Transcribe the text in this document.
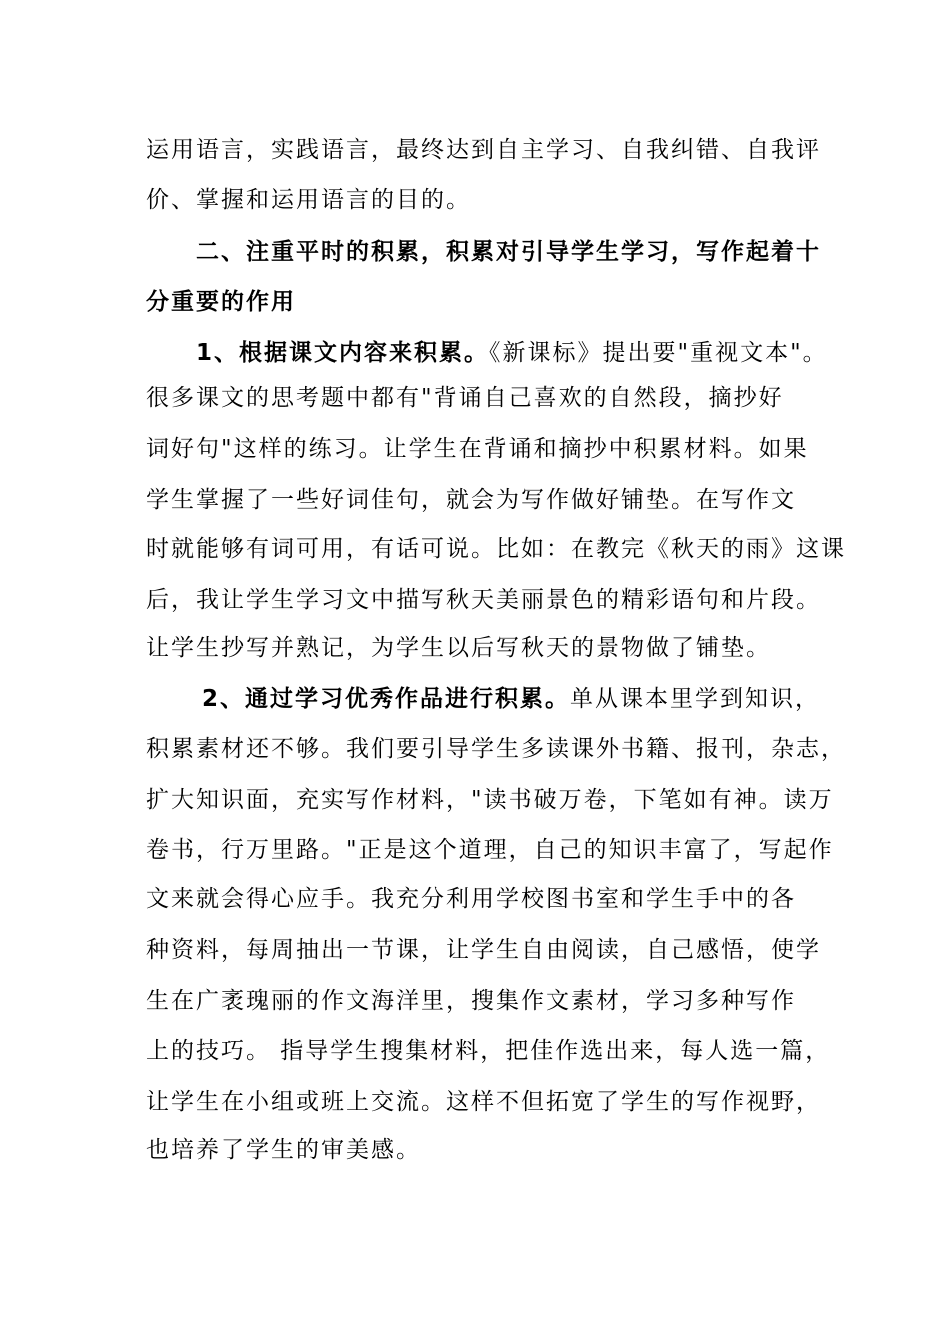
运用语言，实践语言，最终达到自主学习、自我纠错、自我评
价、掌握和运用语言的目的。
二、注重平时的积累，积累对引导学生学习，写作起着十
分重要的作用
1、根据课文内容来积累。《新课标》提出要"重视文本"。
很多课文的思考题中都有"背诵自己喜欢的自然段，摘抄好
词好句"这样的练习。让学生在背诵和摘抄中积累材料。如果
学生掌握了一些好词佳句，就会为写作做好铺垫。在写作文
时就能够有词可用，有话可说。比如：在教完《秋天的雨》这课
后，我让学生学习文中描写秋天美丽景色的精彩语句和片段。
让学生抄写并熟记，为学生以后写秋天的景物做了铺垫。
2、通过学习优秀作品进行积累。单从课本里学到知识，
积累素材还不够。我们要引导学生多读课外书籍、报刊，杂志，
扩大知识面，充实写作材料，"读书破万卷，下笔如有神。读万
卷书，行万里路。"正是这个道理，自己的知识丰富了，写起作
文来就会得心应手。我充分利用学校图书室和学生手中的各
种资料，每周抽出一节课，让学生自由阅读，自己感悟，使学
生在广袤瑰丽的作文海洋里，搜集作文素材，学习多种写作
上的技巧。 指导学生搜集材料，把佳作选出来，每人选一篇，
让学生在小组或班上交流。这样不但拓宽了学生的写作视野，
也培养了学生的审美感。
